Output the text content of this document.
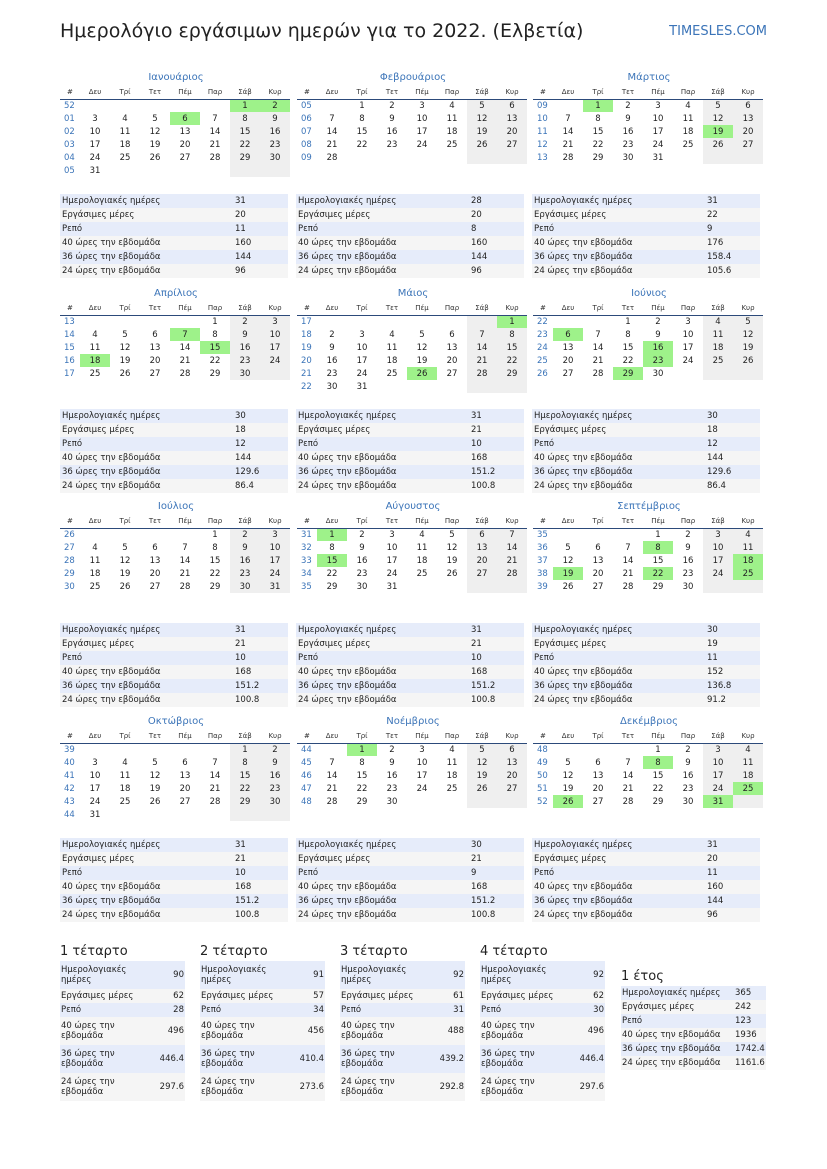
Ημερολόγιο εργάσιμων ημερών για το 2022. (Ελβετία)	TIMESLES.COM
Ιανουάριος
#	Δευ	Τρί	Τετ	Πέμ	Παρ	Σάβ	Κυρ
52						1	2
01	3	4	5	6	7	8	9
02	10	11	12	13	14	15	16
03	17	18	19	20	21	22	23
04	24	25	26	27	28	29	30
05	31						
Ημερολογιακές ημέρες	31
Εργάσιμες μέρες	20
Ρεπό	11
40 ώρες την εβδομάδα	160
36 ώρες την εβδομάδα	144
24 ώρες την εβδομάδα	96
Φεβρουάριος
#	Δευ	Τρί	Τετ	Πέμ	Παρ	Σάβ	Κυρ
05		1	2	3	4	5	6
06	7	8	9	10	11	12	13
07	14	15	16	17	18	19	20
08	21	22	23	24	25	26	27
09	28						
Ημερολογιακές ημέρες	28
Εργάσιμες μέρες	20
Ρεπό	8
40 ώρες την εβδομάδα	160
36 ώρες την εβδομάδα	144
24 ώρες την εβδομάδα	96
Μάρτιος
#	Δευ	Τρί	Τετ	Πέμ	Παρ	Σάβ	Κυρ
09		1	2	3	4	5	6
10	7	8	9	10	11	12	13
11	14	15	16	17	18	19	20
12	21	22	23	24	25	26	27
13	28	29	30	31			
Ημερολογιακές ημέρες	31
Εργάσιμες μέρες	22
Ρεπό	9
40 ώρες την εβδομάδα	176
36 ώρες την εβδομάδα	158.4
24 ώρες την εβδομάδα	105.6
Απρίλιος
#	Δευ	Τρί	Τετ	Πέμ	Παρ	Σάβ	Κυρ
13					1	2	3
14	4	5	6	7	8	9	10
15	11	12	13	14	15	16	17
16	18	19	20	21	22	23	24
17	25	26	27	28	29	30	
Ημερολογιακές ημέρες	30
Εργάσιμες μέρες	18
Ρεπό	12
40 ώρες την εβδομάδα	144
36 ώρες την εβδομάδα	129.6
24 ώρες την εβδομάδα	86.4
Μάιος
#	Δευ	Τρί	Τετ	Πέμ	Παρ	Σάβ	Κυρ
17							1
18	2	3	4	5	6	7	8
19	9	10	11	12	13	14	15
20	16	17	18	19	20	21	22
21	23	24	25	26	27	28	29
22	30	31					
Ημερολογιακές ημέρες	31
Εργάσιμες μέρες	21
Ρεπό	10
40 ώρες την εβδομάδα	168
36 ώρες την εβδομάδα	151.2
24 ώρες την εβδομάδα	100.8
Ιούνιος
#	Δευ	Τρί	Τετ	Πέμ	Παρ	Σάβ	Κυρ
22			1	2	3	4	5
23	6	7	8	9	10	11	12
24	13	14	15	16	17	18	19
25	20	21	22	23	24	25	26
26	27	28	29	30			
Ημερολογιακές ημέρες	30
Εργάσιμες μέρες	18
Ρεπό	12
40 ώρες την εβδομάδα	144
36 ώρες την εβδομάδα	129.6
24 ώρες την εβδομάδα	86.4
Ιούλιος
#	Δευ	Τρί	Τετ	Πέμ	Παρ	Σάβ	Κυρ
26					1	2	3
27	4	5	6	7	8	9	10
28	11	12	13	14	15	16	17
29	18	19	20	21	22	23	24
30	25	26	27	28	29	30	31
Ημερολογιακές ημέρες	31
Εργάσιμες μέρες	21
Ρεπό	10
40 ώρες την εβδομάδα	168
36 ώρες την εβδομάδα	151.2
24 ώρες την εβδομάδα	100.8
Αύγουστος
#	Δευ	Τρί	Τετ	Πέμ	Παρ	Σάβ	Κυρ
31	1	2	3	4	5	6	7
32	8	9	10	11	12	13	14
33	15	16	17	18	19	20	21
34	22	23	24	25	26	27	28
35	29	30	31				
Ημερολογιακές ημέρες	31
Εργάσιμες μέρες	21
Ρεπό	10
40 ώρες την εβδομάδα	168
36 ώρες την εβδομάδα	151.2
24 ώρες την εβδομάδα	100.8
Σεπτέμβριος
#	Δευ	Τρί	Τετ	Πέμ	Παρ	Σάβ	Κυρ
35				1	2	3	4
36	5	6	7	8	9	10	11
37	12	13	14	15	16	17	18
38	19	20	21	22	23	24	25
39	26	27	28	29	30		
Ημερολογιακές ημέρες	30
Εργάσιμες μέρες	19
Ρεπό	11
40 ώρες την εβδομάδα	152
36 ώρες την εβδομάδα	136.8
24 ώρες την εβδομάδα	91.2
Οκτώβριος
#	Δευ	Τρί	Τετ	Πέμ	Παρ	Σάβ	Κυρ
39						1	2
40	3	4	5	6	7	8	9
41	10	11	12	13	14	15	16
42	17	18	19	20	21	22	23
43	24	25	26	27	28	29	30
44	31						
Ημερολογιακές ημέρες	31
Εργάσιμες μέρες	21
Ρεπό	10
40 ώρες την εβδομάδα	168
36 ώρες την εβδομάδα	151.2
24 ώρες την εβδομάδα	100.8
Νοέμβριος
#	Δευ	Τρί	Τετ	Πέμ	Παρ	Σάβ	Κυρ
44		1	2	3	4	5	6
45	7	8	9	10	11	12	13
46	14	15	16	17	18	19	20
47	21	22	23	24	25	26	27
48	28	29	30				
Ημερολογιακές ημέρες	30
Εργάσιμες μέρες	21
Ρεπό	9
40 ώρες την εβδομάδα	168
36 ώρες την εβδομάδα	151.2
24 ώρες την εβδομάδα	100.8
Δεκέμβριος
#	Δευ	Τρί	Τετ	Πέμ	Παρ	Σάβ	Κυρ
48				1	2	3	4
49	5	6	7	8	9	10	11
50	12	13	14	15	16	17	18
51	19	20	21	22	23	24	25
52	26	27	28	29	30	31	
Ημερολογιακές ημέρες	31
Εργάσιμες μέρες	20
Ρεπό	11
40 ώρες την εβδομάδα	160
36 ώρες την εβδομάδα	144
24 ώρες την εβδομάδα	96
1 τέταρτο
Ημερολογιακές ημέρες	90
Εργάσιμες μέρες	62
Ρεπό	28
40 ώρες την εβδομάδα	496
36 ώρες την εβδομάδα	446.4
24 ώρες την εβδομάδα	297.6
2 τέταρτο
Ημερολογιακές ημέρες	91
Εργάσιμες μέρες	57
Ρεπό	34
40 ώρες την εβδομάδα	456
36 ώρες την εβδομάδα	410.4
24 ώρες την εβδομάδα	273.6
3 τέταρτο
Ημερολογιακές ημέρες	92
Εργάσιμες μέρες	61
Ρεπό	31
40 ώρες την εβδομάδα	488
36 ώρες την εβδομάδα	439.2
24 ώρες την εβδομάδα	292.8
4 τέταρτο
Ημερολογιακές ημέρες	92
Εργάσιμες μέρες	62
Ρεπό	30
40 ώρες την εβδομάδα	496
36 ώρες την εβδομάδα	446.4
24 ώρες την εβδομάδα	297.6
1 έτος
Ημερολογιακές ημέρες	365
Εργάσιμες μέρες	242
Ρεπό	123
40 ώρες την εβδομάδα	1936
36 ώρες την εβδομάδα	1742.4
24 ώρες την εβδομάδα	1161.6
